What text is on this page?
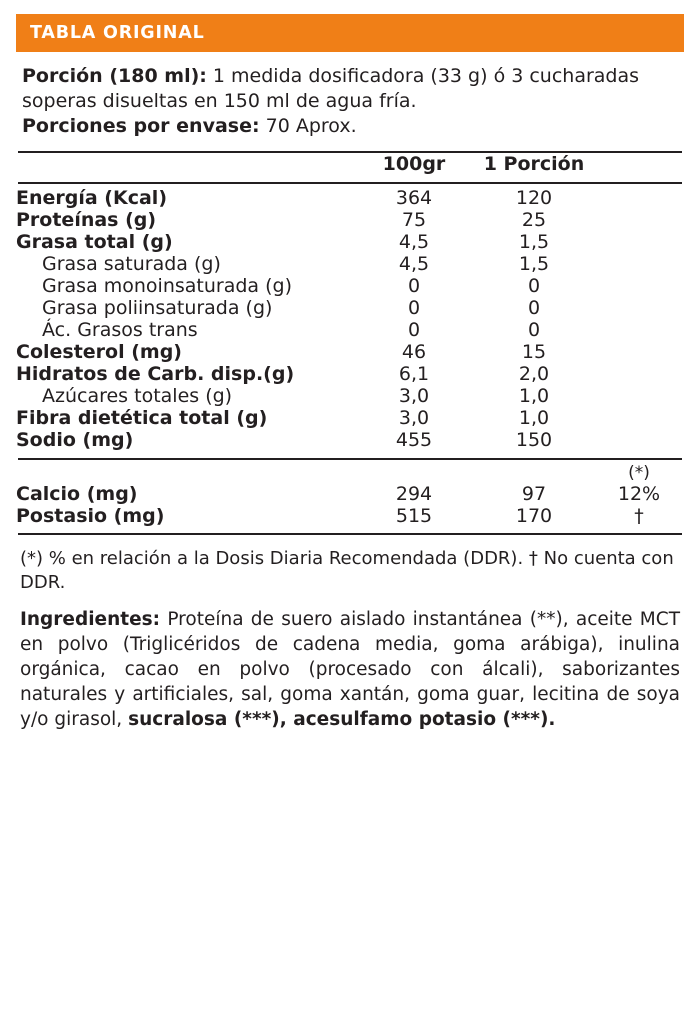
TABLA ORIGINAL
Porción (180 ml): 1 medida dosificadora (33 g) ó 3 cucharadas soperas disueltas en 150 ml de agua fría.
Porciones por envase: 70 Aprox.
	100gr	1 Porción	

Energía (Kcal)	364	120	
Proteínas (g)	75	25	
Grasa total (g)	4,5	1,5	
Grasa saturada (g)	4,5	1,5	
Grasa monoinsaturada (g)	0	0	
Grasa poliinsaturada (g)	0	0	
Ác. Grasos trans	0	0	
Colesterol (mg)	46	15	
Hidratos de Carb. disp.(g)	6,1	2,0	
Azúcares totales (g)	3,0	1,0	
Fibra dietética total (g)	3,0	1,0	
Sodio (mg)	455	150	

			(*)
Calcio (mg)	294	97	12%
Postasio (mg)	515	170	†
(*) % en relación a la Dosis Diaria Recomendada (DDR). † No cuenta con DDR.
Ingredientes: Proteína de suero aislado instantánea (**), aceite MCT en polvo (Triglicéridos de cadena media, goma arábiga), inulina orgánica, cacao en polvo (procesado con álcali), saborizantes naturales y artificiales, sal, goma xantán, goma guar, lecitina de soya y/o girasol, sucralosa (***), acesulfamo potasio (***).
